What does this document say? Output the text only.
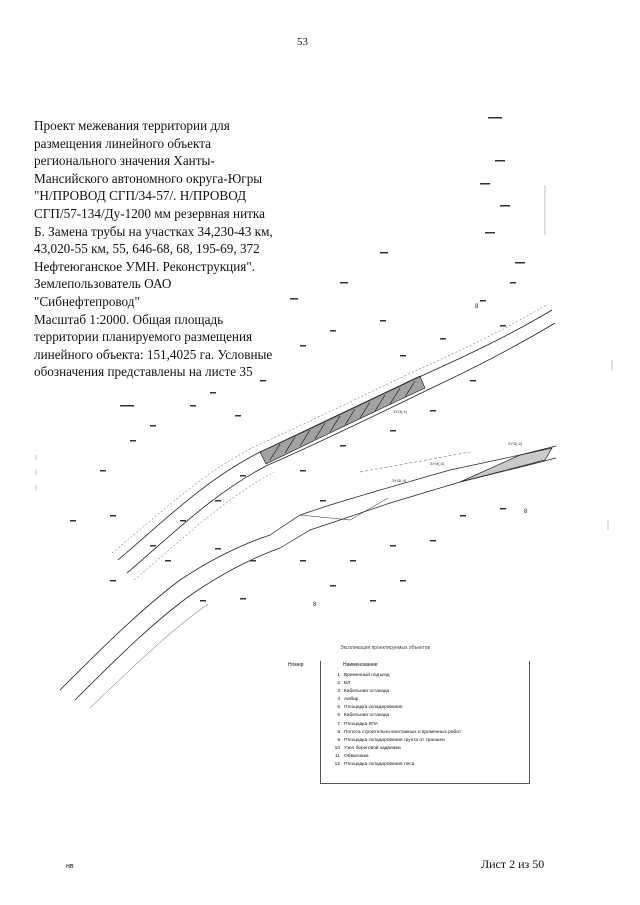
53
Проект межевания территории для
размещения линейного объекта
регионального значения Ханты-
Мансийского автономного округа-Югры
"Н/ПРОВОД СГП/34-57/. Н/ПРОВОД
СГП/57-134/Ду-1200 мм резервная нитка
Б. Замена трубы на участках 34,230-43 км,
43,020-55 км, 55, 646-68, 68, 195-69, 372
Нефтеюганское УМН. Реконструкция".
Землепользователь ОАО
"Сибнефтепровод"
Масштаб 1:2000. Общая площадь
территории планируемого размещения
линейного объекта: 151,4025 га. Условные
обозначения представлены на листе 35
ЗУ/3(:1)
ЗУ/3(:2)
ЗУ/3(:3)
ЗУ/3(:4)
8
8
8
Экспликация проектируемых объектов
Номер	Наименование
1 Временный подъезд
2 ВЛ
3 Кабельная эстакада
4 Амбар
5 Площадка складирования
6 Кабельная эстакада
7 Площадка КПА
8 Полоса строительно-монтажных и временных работ
9 Площадка складирования грунта от траншеи
10 Узел береговой задвижки
11 Обваловка
12 Площадка складирования леса
нв	Лист 2 из 50
